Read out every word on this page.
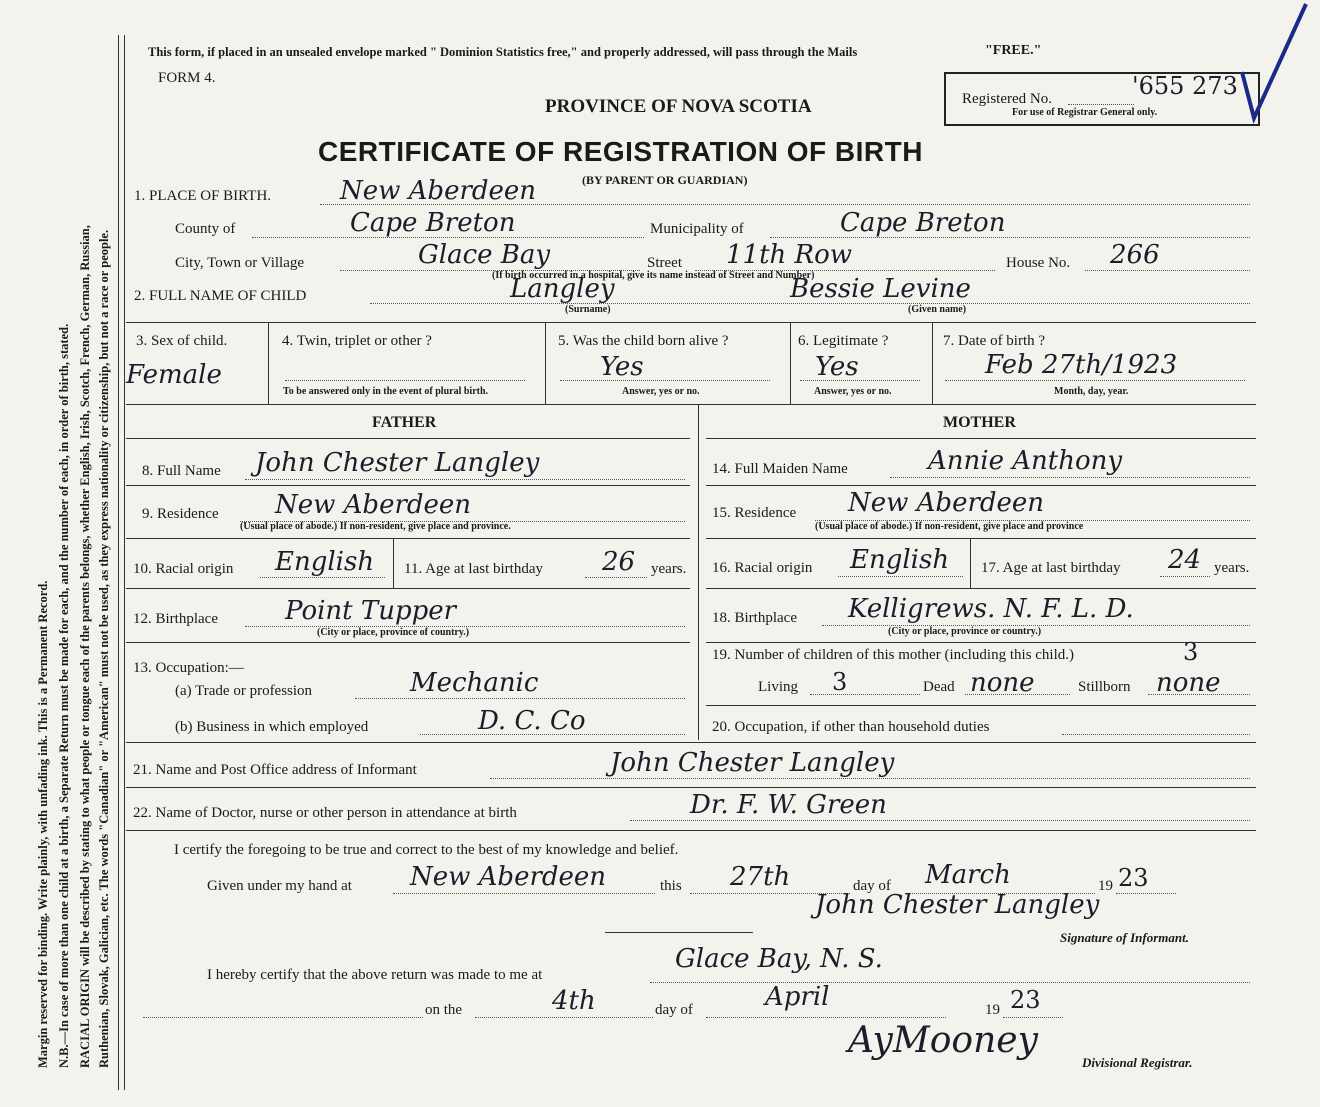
Margin reserved for binding. Write plainly, with unfading ink. This is a Permanent Record. N.B.—In case of more than one child at a birth, a Separate Return must be made for each, and the number of each, in order of birth, stated. RACIAL ORIGIN will be described by stating to what people or tongue each of the parents belongs, whether English, Irish, Scotch, French, German, Russian, Ruthenian, Slovak, Galician, etc. The words "Canadian" or "American" must not be used, as they express nationality or citizenship, but not a race or people.
This form, if placed in an unsealed envelope marked " Dominion Statistics free," and properly addressed, will pass through the Mails	"FREE."
FORM 4.
PROVINCE OF NOVA SCOTIA
CERTIFICATE OF REGISTRATION OF BIRTH
(BY PARENT OR GUARDIAN)
Registered No.	'655 273
For use of Registrar General only.
1. PLACE OF BIRTH.	New Aberdeen
County of	Cape Breton	Municipality of	Cape Breton
City, Town or Village	Glace Bay	Street 11th Row	House No. 266
(If birth occurred in a hospital, give its name instead of Street and Number)
2. FULL NAME OF CHILD	Langley	Bessie Levine
(Surname)	(Given name)
3. Sex of child.
Female
4. Twin, triplet or other ?
To be answered only in the event of plural birth.
5. Was the child born alive ?
Yes
Answer, yes or no.
6. Legitimate ?
Yes
Answer, yes or no.
7. Date of birth ?
Feb 27th/1923
Month, day, year.
FATHER	MOTHER
8. Full Name John Chester Langley
9. Residence New Aberdeen
(Usual place of abode.) If non-resident, give place and province.
10. Racial origin English 11. Age at last birthday 26 years.
12. Birthplace	Point Tupper
(City or place, province of country.)
13. Occupation:—
(a) Trade or profession	Mechanic
(b) Business in which employed	D. C. Co
14. Full Maiden Name	Annie Anthony
15. Residence New Aberdeen
(Usual place of abode.) If non-resident, give place and province
16. Racial origin English 17. Age at last birthday 24 years.
18. Birthplace Kelligrews. N. F. L. D.
(City or place, province or country.)
19. Number of children of this mother (including this child.)	3
Living 3	Dead none	Stillborn none
20. Occupation, if other than household duties
21. Name and Post Office address of Informant	John Chester Langley
22. Name of Doctor, nurse or other person in attendance at birth	Dr. F. W. Green
I certify the foregoing to be true and correct to the best of my knowledge and belief.
Given under my hand at New Aberdeen	this 27th	day of March	19 23
John Chester Langley
Signature of Informant.
I hereby certify that the above return was made to me at
Glace Bay, N. S.
on the	4th	day of	April	19 23
AyMooney
Divisional Registrar.
